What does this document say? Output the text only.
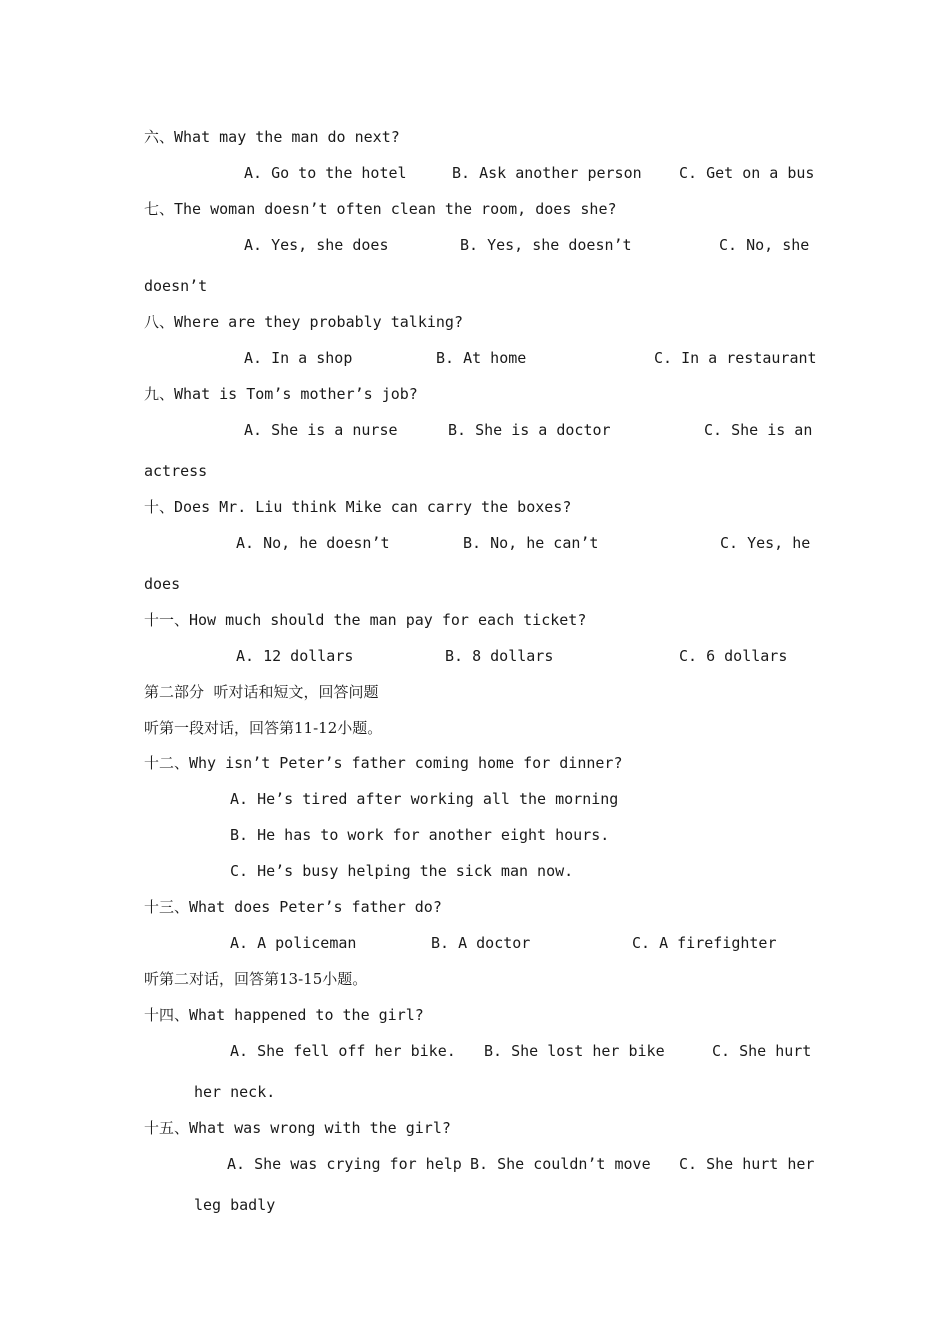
六、What may the man do next?
A. Go to the hotel	B. Ask another person C. Get on a bus
七、The woman doesn’t often clean the room, does she?
A. Yes, she does	B. Yes, she doesn’t	C. No, she
doesn’t
八、Where are they probably talking?
A. In a shop	B. At home	C. In a restaurant
九、What is Tom’s mother’s job?
A. She is a nurse	B. She is a doctor	C. She is an
actress
十、Does Mr. Liu think Mike can carry the boxes?
A. No, he doesn’t	B. No, he can’t	C. Yes, he
does
十一、How much should the man pay for each ticket?
A. 12 dollars	B. 8 dollars	C. 6 dollars
第二部分  听对话和短文，回答问题
听第一段对话，回答第11-12小题。
十二、Why isn’t Peter’s father coming home for dinner?
A. He’s tired after working all the morning
B. He has to work for another eight hours.
C. He’s busy helping the sick man now.
十三、What does Peter’s father do?
A. A policeman	B. A doctor	C. A firefighter
听第二对话，回答第13-15小题。
十四、What happened to the girl?
A. She fell off her bike. B. She lost her bike	C. She hurt
her neck.
十五、What was wrong with the girl?
A. She was crying for help B. She couldn’t move C. She hurt her
leg badly
